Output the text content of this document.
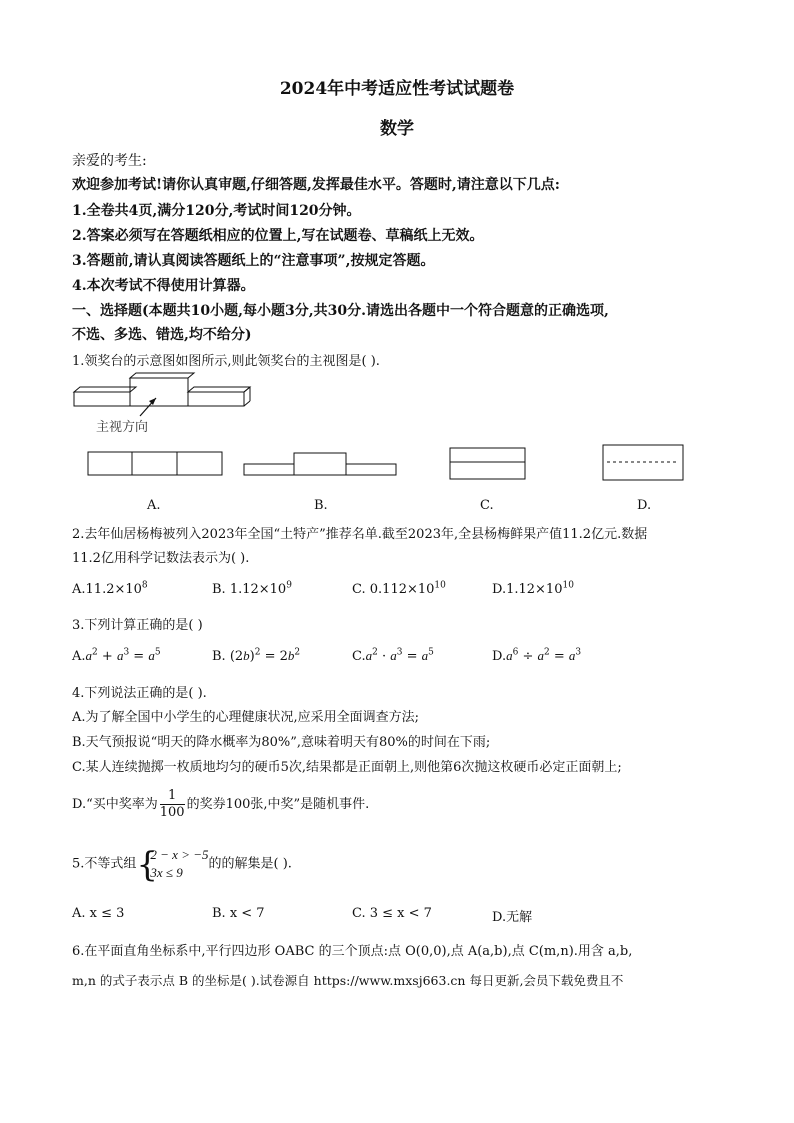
2024年中考适应性考试试题卷
数学
亲爱的考生:
欢迎参加考试!请你认真审题,仔细答题,发挥最佳水平。答题时,请注意以下几点:
1.全卷共4页,满分120分,考试时间120分钟。
2.答案必须写在答题纸相应的位置上,写在试题卷、草稿纸上无效。
3.答题前,请认真阅读答题纸上的“注意事项”,按规定答题。
4.本次考试不得使用计算器。
一、选择题(本题共10小题,每小题3分,共30分.请选出各题中一个符合题意的正确选项,
不选、多选、错选,均不给分)
1.领奖台的示意图如图所示,则此领奖台的主视图是( ).
主视方向
A.	B.	C.	D.
2.去年仙居杨梅被列入2023年全国“土特产”推荐名单.截至2023年,全县杨梅鲜果产值11.2亿元.数据
11.2亿用科学记数法表示为( ).
$A.11.2\times 10^8$	B. $1.12\times 10^9$	C. $0.112\times 10^{10}$	$D.1.12\times 10^{10}$
3.下列计算正确的是( )
$A.a^2 + a^3 = a^5$	B. $(2b)^2 = 2b^2$	$C.a^2 \cdot a^3 = a^5$	$D.a^6 \div a^2 = a^3$
4.下列说法正确的是( ).
A.为了解全国中小学生的心理健康状况,应采用全面调查方法;
B.天气预报说“明天的降水概率为80%”,意味着明天有80%的时间在下雨;
C.某人连续抛掷一枚质地均匀的硬币5次,结果都是正面朝上,则他第6次抛这枚硬币必定正面朝上;
D.“买中奖率为 $\frac{1}{100}$ 的奖券100张,中奖”是随机事件.
5.不等式组 {
2 − x > −5
3x ≤ 9
的的解集是( ).
A. x ≤ 3	B. x < 7	C. 3 ≤ x < 7	D.无解
6.在平面直角坐标系中,平行四边形 OABC 的三个顶点:点 O(0,0),点 A(a,b),点 C(m,n).用含 a,b,
m,n 的式子表示点 B 的坐标是( ).试卷源自 https://www.mxsj663.cn 每日更新,会员下载免费且不
